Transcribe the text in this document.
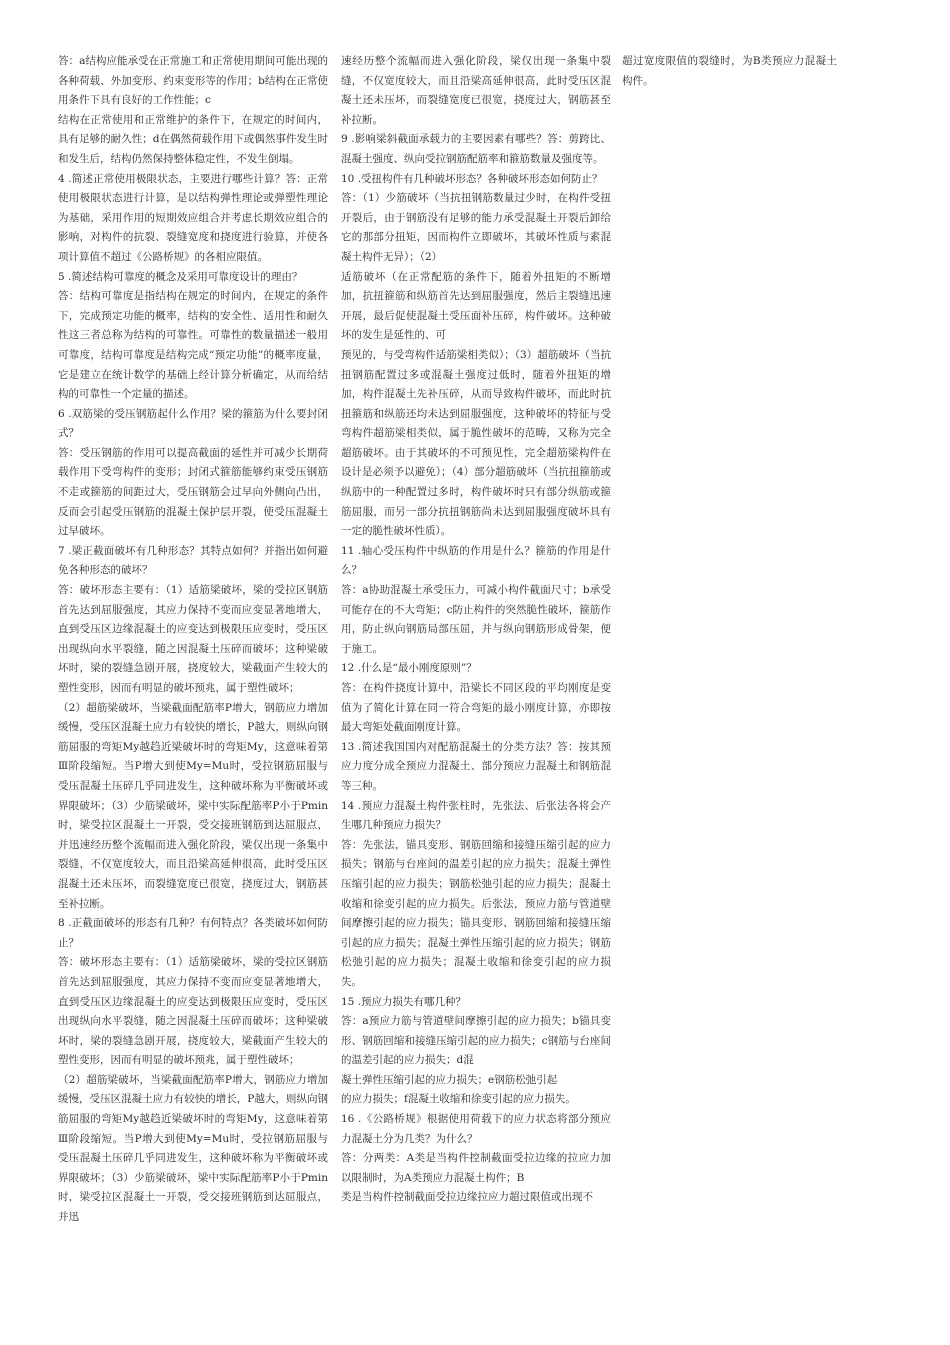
答：a结构应能承受在正常施工和正常使用期间可能出现的各种荷载、外加变形、约束变形等的作用；b结构在正常使用条件下具有良好的工作性能；c

结构在正常使用和正常维护的条件下，在规定的时间内，具有足够的耐久性；d在偶然荷载作用下或偶然事件发生时和发生后，结构仍然保持整体稳定性，不发生倒塌。

4 .简述正常使用极限状态，主要进行哪些计算？答：正常使用极限状态进行计算，是以结构弹性理论或弹塑性理论为基础，采用作用的短期效应组合并考虑长期效应组合的影响，对构件的抗裂、裂缝宽度和挠度进行验算，并使各项计算值不超过《公路桥规》的各相应限值。

5 .简述结构可靠度的概念及采用可靠度设计的理由？

答：结构可靠度是指结构在规定的时间内，在规定的条件下，完成预定功能的概率，结构的安全性、适用性和耐久性这三者总称为结构的可靠性。可靠性的数量描述一般用可靠度，结构可靠度是结构完成“预定功能”的概率度量，它是建立在统计数学的基础上经计算分析确定，从而给结构的可靠性一个定量的描述。

6 .双筋梁的受压钢筋起什么作用？梁的箍筋为什么要封闭式？

答：受压钢筋的作用可以提高截面的延性并可减少长期荷载作用下受弯构件的变形；封闭式箍筋能够约束受压钢筋不走或箍筋的间距过大，受压钢筋会过早向外侧向凸出，反而会引起受压钢筋的混凝土保护层开裂，使受压混凝土过早破坏。

7 .梁正截面破坏有几种形态？其特点如何？并指出如何避免各种形态的破坏？

答：破坏形态主要有：（1）适筋梁破坏，梁的受拉区钢筋首先达到屈服强度，其应力保持不变而应变显著地增大，直到受压区边缘混凝土的应变达到极限压应变时，受压区出现纵向水平裂缝，随之因混凝土压碎而破坏；这种梁破坏时，梁的裂缝急剧开展，挠度较大，梁截面产生较大的塑性变形，因而有明显的破坏预兆，属于塑性破坏；

（2）超筋梁破坏，当梁截面配筋率P增大，钢筋应力增加缓慢，受压区混凝土应力有较快的增长，P越大，则纵向钢筋屈服的弯矩My越趋近梁破坏时的弯矩My，这意味着第Ⅲ阶段缩短。当P增大到使My=Mu时，受拉钢筋屈服与受压混凝土压碎几乎同进发生，这种破坏称为平衡破坏或界限破坏；（3）少筋梁破坏，梁中实际配筋率P小于Pmin时，梁受拉区混凝土一开裂，受交接班钢筋到达屈服点，并迅速经历整个流幅而进入强化阶段，梁仅出现一条集中裂缝，不仅宽度较大，而且沿梁高延伸很高，此时受压区混凝土还未压坏，而裂缝宽度已很宽，挠度过大，钢筋甚至补拉断。

8 .正截面破坏的形态有几种？有何特点？各类破坏如何防止？

答：破坏形态主要有：（1）适筋梁破坏，梁的受拉区钢筋首先达到屈服强度，其应力保持不变而应变显著地增大，直到受压区边缘混凝土的应变达到极限压应变时，受压区出现纵向水平裂缝，随之因混凝土压碎而破坏；这种梁破坏时，梁的裂缝急剧开展，挠度较大，梁截面产生较大的塑性变形，因而有明显的破坏预兆，属于塑性破坏；

（2）超筋梁破坏，当梁截面配筋率P增大，钢筋应力增加缓慢，受压区混凝土应力有较快的增长，P越大，则纵向钢筋屈服的弯矩My越趋近梁破坏时的弯矩My，这意味着第Ⅲ阶段缩短。当P增大到使My=Mu时，受拉钢筋屈服与受压混凝土压碎几乎同进发生，这种破坏称为平衡破坏或界限破坏；（3）少筋梁破坏，梁中实际配筋率P小于Pmin时，梁受拉区混凝土一开裂，受交接班钢筋到达屈服点，并迅

速经历整个流幅而进入强化阶段，梁仅出现一条集中裂缝，不仅宽度较大，而且沿梁高延伸很高，此时受压区混凝土还未压坏，而裂缝宽度已很宽，挠度过大，钢筋甚至补拉断。

9 .影响梁斜截面承载力的主要因素有哪些？答：剪跨比、混凝土强度、纵向受拉钢筋配筋率和箍筋数量及强度等。

10 .受扭构件有几种破坏形态？各种破坏形态如何防止？

答：（1）少筋破坏（当抗扭钢筋数量过少时，在构件受扭开裂后，由于钢筋没有足够的能力承受混凝土开裂后卸给它的那部分扭矩，因而构件立即破坏，其破坏性质与素混凝土构件无异）；（2）

适筋破坏（在正常配筋的条件下，随着外扭矩的不断增加，抗扭箍筋和纵筋首先达到屈服强度，然后主裂缝迅速开展，最后促使混凝土受压面补压碎，构件破坏。这种破坏的发生是延性的、可

预见的，与受弯构件适筋梁相类似）；（3）超筋破坏（当抗扭钢筋配置过多或混凝土强度过低时，随着外扭矩的增加，构件混凝土先补压碎，从而导致构件破坏，而此时抗扭箍筋和纵筋还均未达到屈服强度，这种破坏的特征与受弯构件超筋梁相类似，属于脆性破坏的范畴，又称为完全超筋破坏。由于其破坏的不可预见性，完全超筋梁构件在设计是必须予以避免）；（4）部分超筋破坏（当抗扭箍筋或纵筋中的一种配置过多时，构件破坏时只有部分纵筋或箍筋屈服，而另一部分抗扭钢筋尚未达到屈服强度破坏具有一定的脆性破坏性质）。

11 .轴心受压构件中纵筋的作用是什么？箍筋的作用是什么？

答：a协助混凝土承受压力，可减小构件截面尺寸；b承受可能存在的不大弯矩；c防止构件的突然脆性破坏，箍筋作用，防止纵向钢筋局部压屈，并与纵向钢筋形成骨架，便于施工。

12 .什么是“最小刚度原则”？

答：在构件挠度计算中，沿梁长不同区段的平均刚度是变值为了简化计算在同一符合弯矩的最小刚度计算，亦即按最大弯矩处截面刚度计算。

13 .简述我国国内对配筋混凝土的分类方法？答：按其预应力度分成全预应力混凝土、部分预应力混凝土和钢筋混等三种。

14 .预应力混凝土构件张柱时，先张法、后张法各将会产生哪几种预应力损失？

答：先张法，锚具变形、钢筋回缩和接缝压缩引起的应力损失；钢筋与台座间的温差引起的应力损失；混凝土弹性压缩引起的应力损失；钢筋松弛引起的应力损失；混凝土收缩和徐变引起的应力损失。后张法，预应力筋与管道壁间摩擦引起的应力损失；锚具变形、钢筋回缩和接缝压缩引起的应力损失；混凝土弹性压缩引起的应力损失；钢筋松弛引起的应力损失；混凝土收缩和徐变引起的应力损失。

15 .预应力损失有哪几种？

答：a预应力筋与管道壁间摩擦引起的应力损失；b锚具变形、钢筋回缩和接缝压缩引起的应力损失；c钢筋与台座间的温差引起的应力损失；d混

凝土弹性压缩引起的应力损失；e钢筋松弛引起

的应力损失；f混凝土收缩和徐变引起的应力损失。

16 .《公路桥规》根据使用荷载下的应力状态将部分预应力混凝土分为几类？为什么？

答：分两类：A类是当构件控制截面受拉边缘的拉应力加以限制时，为A类预应力混凝土构件；B

类是当构件控制截面受拉边缘拉应力超过限值或出现不

超过宽度限值的裂缝时，为B类预应力混凝土构件。
